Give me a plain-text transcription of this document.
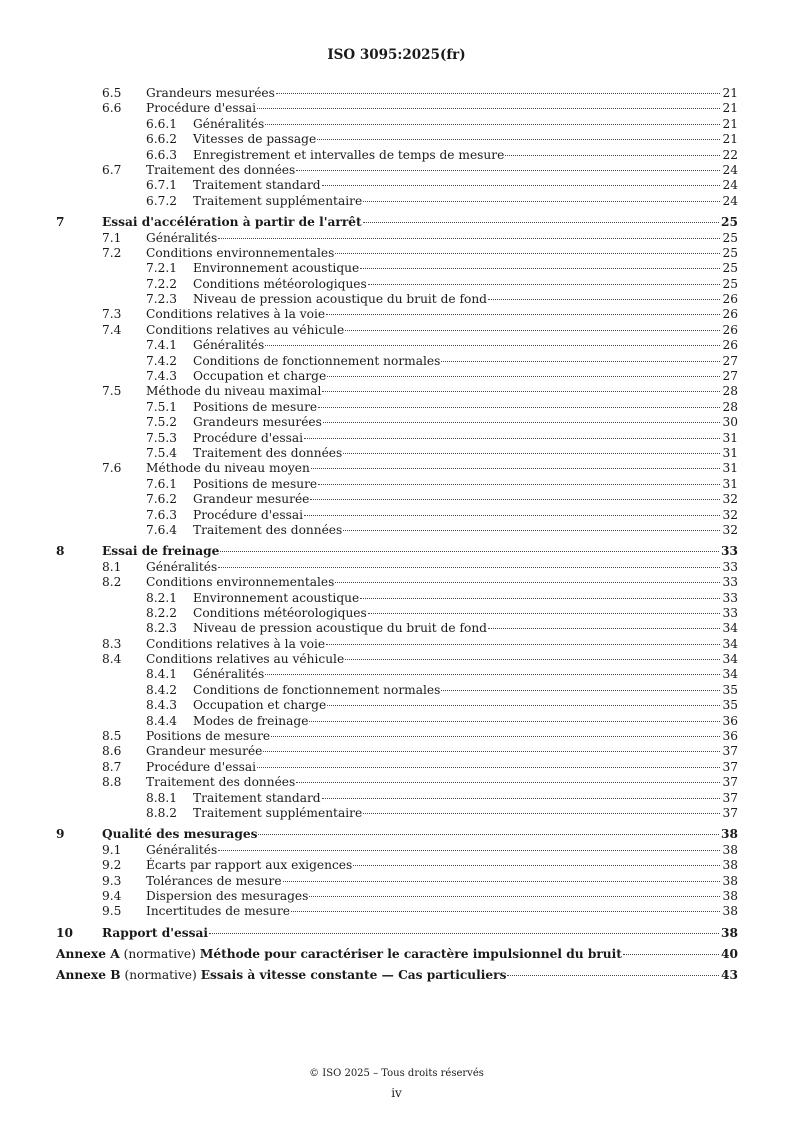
ISO 3095:2025(fr)
6.5	Grandeurs mesurées	21
6.6	Procédure d'essai	21
6.6.1	Généralités	21
6.6.2	Vitesses de passage	21
6.6.3	Enregistrement et intervalles de temps de mesure	22
6.7	Traitement des données	24
6.7.1	Traitement standard	24
6.7.2	Traitement supplémentaire	24
7	Essai d'accélération à partir de l'arrêt	25
7.1	Généralités	25
7.2	Conditions environnementales	25
7.2.1	Environnement acoustique	25
7.2.2	Conditions météorologiques	25
7.2.3	Niveau de pression acoustique du bruit de fond	26
7.3	Conditions relatives à la voie	26
7.4	Conditions relatives au véhicule	26
7.4.1	Généralités	26
7.4.2	Conditions de fonctionnement normales	27
7.4.3	Occupation et charge	27
7.5	Méthode du niveau maximal	28
7.5.1	Positions de mesure	28
7.5.2	Grandeurs mesurées	30
7.5.3	Procédure d'essai	31
7.5.4	Traitement des données	31
7.6	Méthode du niveau moyen	31
7.6.1	Positions de mesure	31
7.6.2	Grandeur mesurée	32
7.6.3	Procédure d'essai	32
7.6.4	Traitement des données	32
8	Essai de freinage	33
8.1	Généralités	33
8.2	Conditions environnementales	33
8.2.1	Environnement acoustique	33
8.2.2	Conditions météorologiques	33
8.2.3	Niveau de pression acoustique du bruit de fond	34
8.3	Conditions relatives à la voie	34
8.4	Conditions relatives au véhicule	34
8.4.1	Généralités	34
8.4.2	Conditions de fonctionnement normales	35
8.4.3	Occupation et charge	35
8.4.4	Modes de freinage	36
8.5	Positions de mesure	36
8.6	Grandeur mesurée	37
8.7	Procédure d'essai	37
8.8	Traitement des données	37
8.8.1	Traitement standard	37
8.8.2	Traitement supplémentaire	37
9	Qualité des mesurages	38
9.1	Généralités	38
9.2	Écarts par rapport aux exigences	38
9.3	Tolérances de mesure	38
9.4	Dispersion des mesurages	38
9.5	Incertitudes de mesure	38
10	Rapport d'essai	38
Annexe A (normative) Méthode pour caractériser le caractère impulsionnel du bruit	40
Annexe B (normative) Essais à vitesse constante — Cas particuliers	43
© ISO 2025 – Tous droits réservés
iv
